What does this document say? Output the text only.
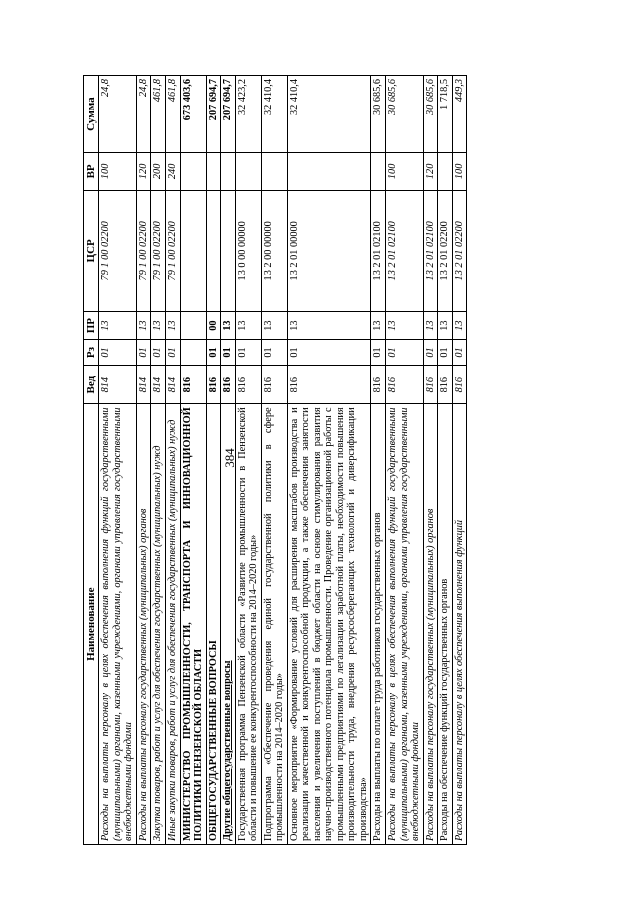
384
Наименование	Вед	Рз	ПР	ЦСР	ВР	Сумма
Расходы на выплаты персоналу в целях обеспечения выполнения функций государственными (муниципальными) органами, казенными учреждениями, органами управления государственными внебюджетными фондами	814	01	13	79 1 00 02200	100	24,8
Расходы на выплаты персоналу государственных (муниципальных) органов	814	01	13	79 1 00 02200	120	24,8
Закупка товаров, работ и услуг для обеспечения государственных (муниципальных) нужд	814	01	13	79 1 00 02200	200	461,8
Иные закупки товаров, работ и услуг для обеспечения государственных (муниципальных) нужд	814	01	13	79 1 00 02200	240	461,8
МИНИСТЕРСТВО ПРОМЫШЛЕННОСТИ, ТРАНСПОРТА И ИННОВАЦИОННОЙ ПОЛИТИКИ ПЕНЗЕНСКОЙ ОБЛАСТИ	816					673 403,6
ОБЩЕГОСУДАРСТВЕННЫЕ ВОПРОСЫ	816	01	00			207 694,7
Другие общегосударственные вопросы	816	01	13			207 694,7
Государственная программа Пензенской области «Развитие промышленности в Пензенской области и повышение ее конкурентоспособности на 2014–2020 годы»	816	01	13	13 0 00 00000		32 423,2
Подпрограмма «Обеспечение проведения единой государственной политики в сфере промышленности на 2014–2020 годы»	816	01	13	13 2 00 00000		32 410,4
Основное мероприятие «Формирование условий для расширения масштабов производства и реализации качественной и конкурентоспособной продукции, а также обеспечения занятости населения и увеличения поступлений в бюджет области на основе стимулирования развития научно-производственного потенциала промышленности. Проведение организационной работы с промышленными предприятиями по легализации заработной платы, необходимости повышения производительности труда, внедрения ресурсосберегающих технологий и диверсификации производства»	816	01	13	13 2 01 00000		32 410,4
Расходы на выплаты по оплате труда работников государственных органов	816	01	13	13 2 01 02100		30 685,6
Расходы на выплаты персоналу в целях обеспечения выполнения функций государственными (муниципальными) органами, казенными учреждениями, органами управления государственными внебюджетными фондами	816	01	13	13 2 01 02100	100	30 685,6
Расходы на выплаты персоналу государственных (муниципальных) органов	816	01	13	13 2 01 02100	120	30 685,6
Расходы на обеспечение функций государственных органов	816	01	13	13 2 01 02200		1 718,5
Расходы на выплаты персоналу в целях обеспечения выполнения функций	816	01	13	13 2 01 02200	100	449,3
